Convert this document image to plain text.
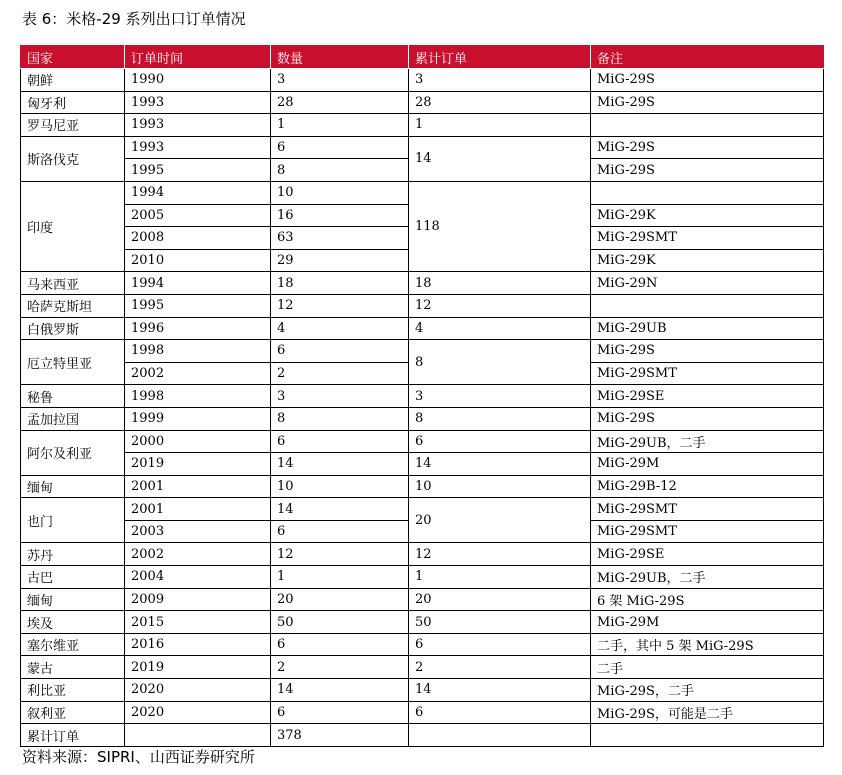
表 6：米格-29 系列出口订单情况
国家	订单时间	数量	累计订单	备注
朝鲜	1990	3	3	MiG-29S
匈牙利	1993	28	28	MiG-29S
罗马尼亚	1993	1	1	
斯洛伐克	1993	6	14	MiG-29S
	1995	8		MiG-29S
印度	1994	10	118	
	2005	16		MiG-29K
	2008	63		MiG-29SMT
	2010	29		MiG-29K
马来西亚	1994	18	18	MiG-29N
哈萨克斯坦	1995	12	12	
白俄罗斯	1996	4	4	MiG-29UB
厄立特里亚	1998	6	8	MiG-29S
	2002	2		MiG-29SMT
秘鲁	1998	3	3	MiG-29SE
孟加拉国	1999	8	8	MiG-29S
阿尔及利亚	2000	6	6	MiG-29UB，二手
	2019	14	14	MiG-29M
缅甸	2001	10	10	MiG-29B-12
也门	2001	14	20	MiG-29SMT
	2003	6		MiG-29SMT
苏丹	2002	12	12	MiG-29SE
古巴	2004	1	1	MiG-29UB，二手
缅甸	2009	20	20	6 架 MiG-29S
埃及	2015	50	50	MiG-29M
塞尔维亚	2016	6	6	二手，其中 5 架 MiG-29S
蒙古	2019	2	2	二手
利比亚	2020	14	14	MiG-29S，二手
叙利亚	2020	6	6	MiG-29S，可能是二手
累计订单		378		
资料来源：SIPRI、山西证券研究所
